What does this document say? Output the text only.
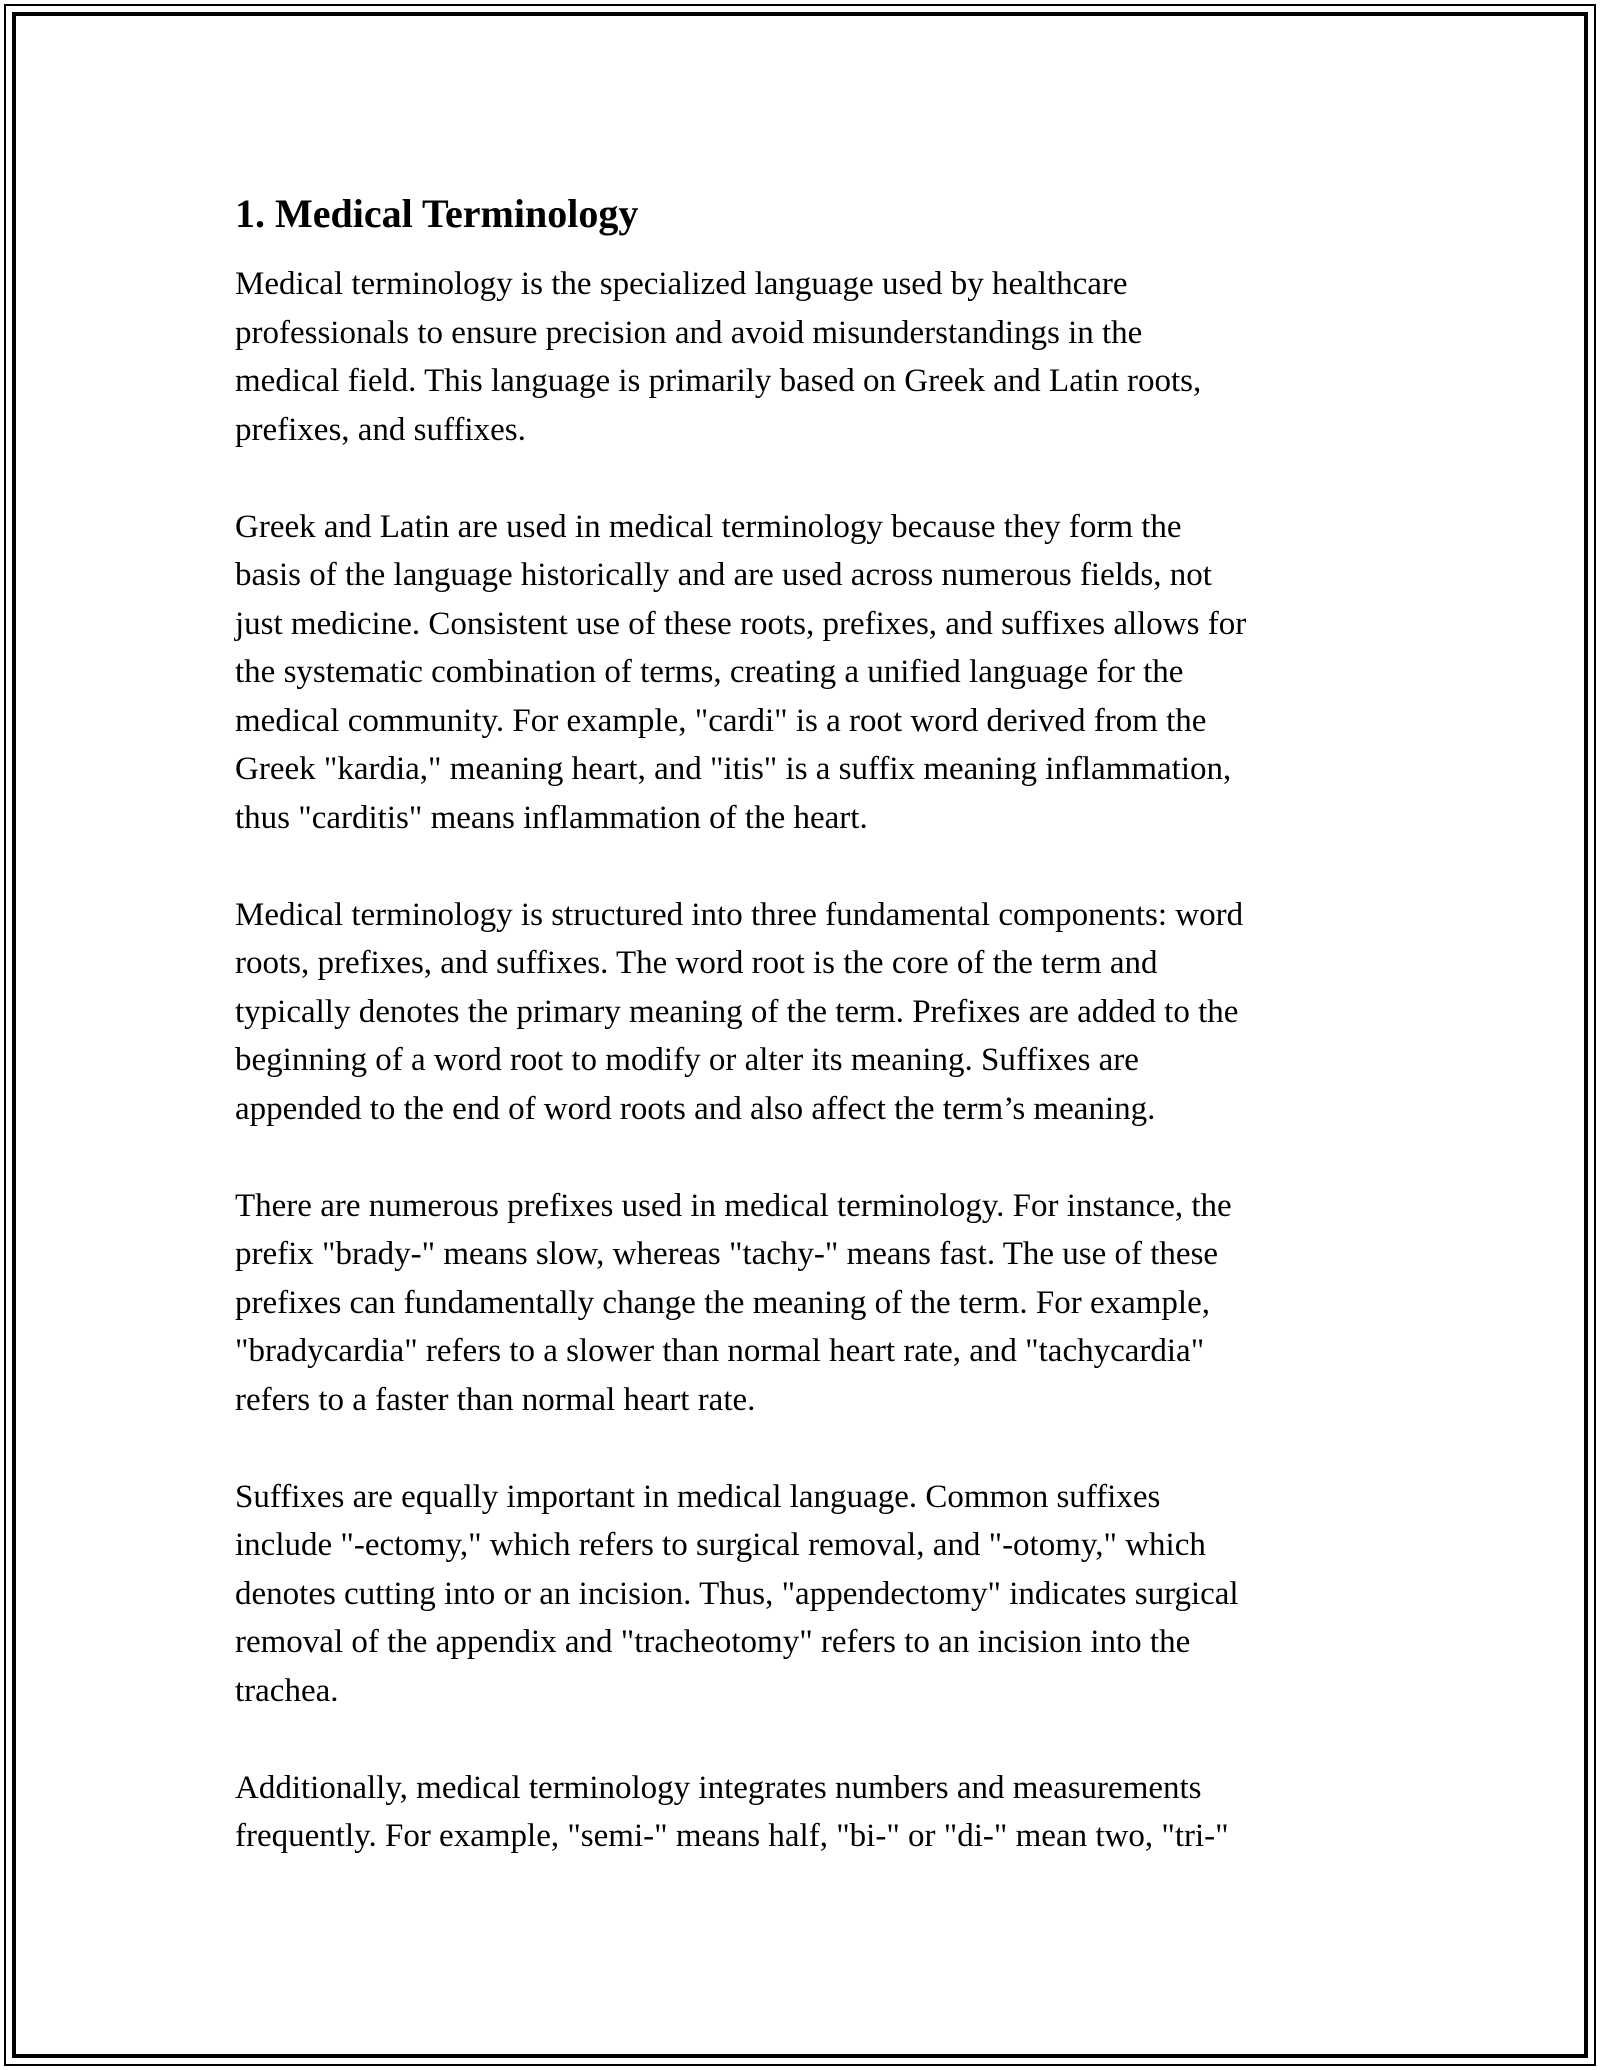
1. Medical Terminology

Medical terminology is the specialized language used by healthcare
professionals to ensure precision and avoid misunderstandings in the
medical field. This language is primarily based on Greek and Latin roots,
prefixes, and suffixes.

Greek and Latin are used in medical terminology because they form the
basis of the language historically and are used across numerous fields, not
just medicine. Consistent use of these roots, prefixes, and suffixes allows for
the systematic combination of terms, creating a unified language for the
medical community. For example, "cardi" is a root word derived from the
Greek "kardia," meaning heart, and "itis" is a suffix meaning inflammation,
thus "carditis" means inflammation of the heart.

Medical terminology is structured into three fundamental components: word
roots, prefixes, and suffixes. The word root is the core of the term and
typically denotes the primary meaning of the term. Prefixes are added to the
beginning of a word root to modify or alter its meaning. Suffixes are
appended to the end of word roots and also affect the term’s meaning.

There are numerous prefixes used in medical terminology. For instance, the
prefix "brady-" means slow, whereas "tachy-" means fast. The use of these
prefixes can fundamentally change the meaning of the term. For example,
"bradycardia" refers to a slower than normal heart rate, and "tachycardia"
refers to a faster than normal heart rate.

Suffixes are equally important in medical language. Common suffixes
include "-ectomy," which refers to surgical removal, and "-otomy," which
denotes cutting into or an incision. Thus, "appendectomy" indicates surgical
removal of the appendix and "tracheotomy" refers to an incision into the
trachea.

Additionally, medical terminology integrates numbers and measurements
frequently. For example, "semi-" means half, "bi-" or "di-" mean two, "tri-"
